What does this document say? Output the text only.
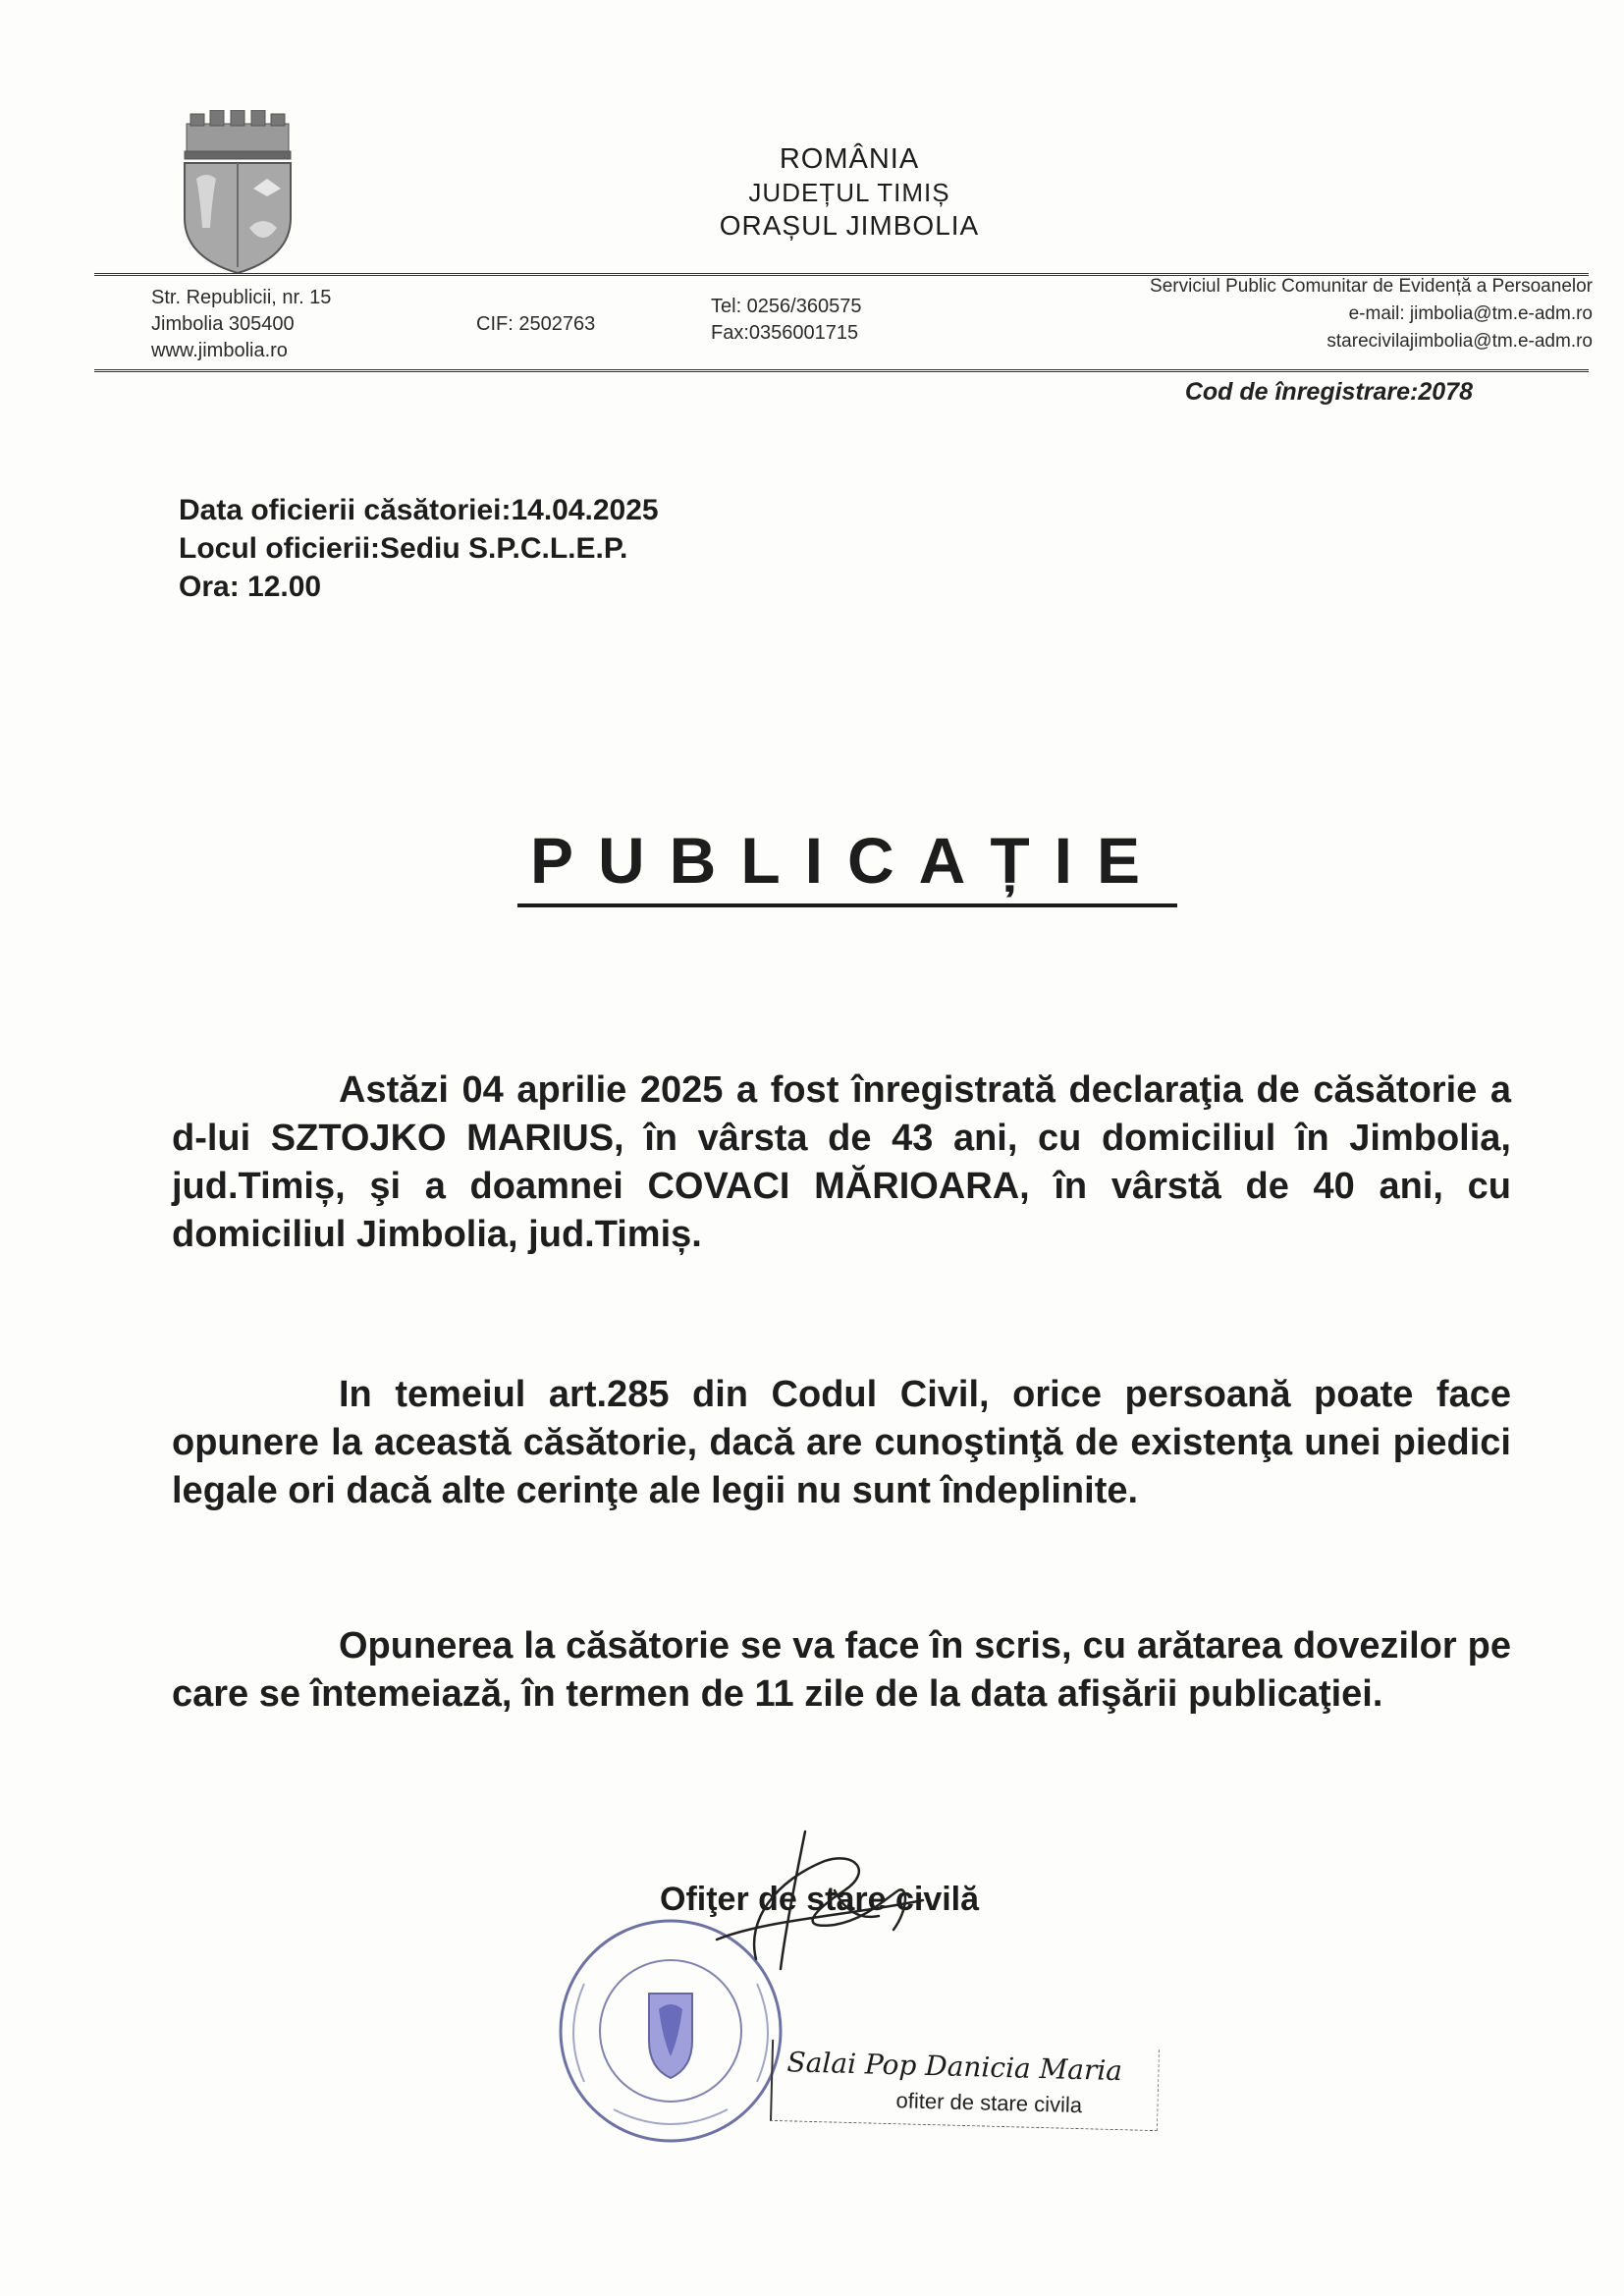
ROMÂNIA
JUDEȚUL TIMIȘ
ORAȘUL JIMBOLIA
Str. Republicii, nr. 15
Jimbolia 305400
www.jimbolia.ro
CIF: 2502763
Tel: 0256/360575
Fax:0356001715
Serviciul Public Comunitar de Evidență a Persoanelor
e-mail: jimbolia@tm.e-adm.ro
starecivilajimbolia@tm.e-adm.ro
Cod de înregistrare:2078
Data oficierii căsătoriei:14.04.2025
Locul oficierii:Sediu S.P.C.L.E.P.
Ora: 12.00
PUBLICAȚIE

Astăzi 04 aprilie 2025 a fost înregistrată declaraţia de căsătorie a d-lui SZTOJKO MARIUS, în vârsta de 43 ani, cu domiciliul în Jimbolia, jud.Timiș, şi a doamnei COVACI MĂRIOARA, în vârstă de 40 ani, cu domiciliul Jimbolia, jud.Timiș.

In temeiul art.285 din Codul Civil, orice persoană poate face opunere la această căsătorie, dacă are cunoştinţă de existenţa unei piedici legale ori dacă alte cerinţe ale legii nu sunt îndeplinite.

Opunerea la căsătorie se va face în scris, cu arătarea dovezilor pe care se întemeiază, în termen de 11 zile de la data afişării publicaţiei.

Ofiţer de stare civilă
Salai Pop Danicia Maria
ofiter de stare civila
